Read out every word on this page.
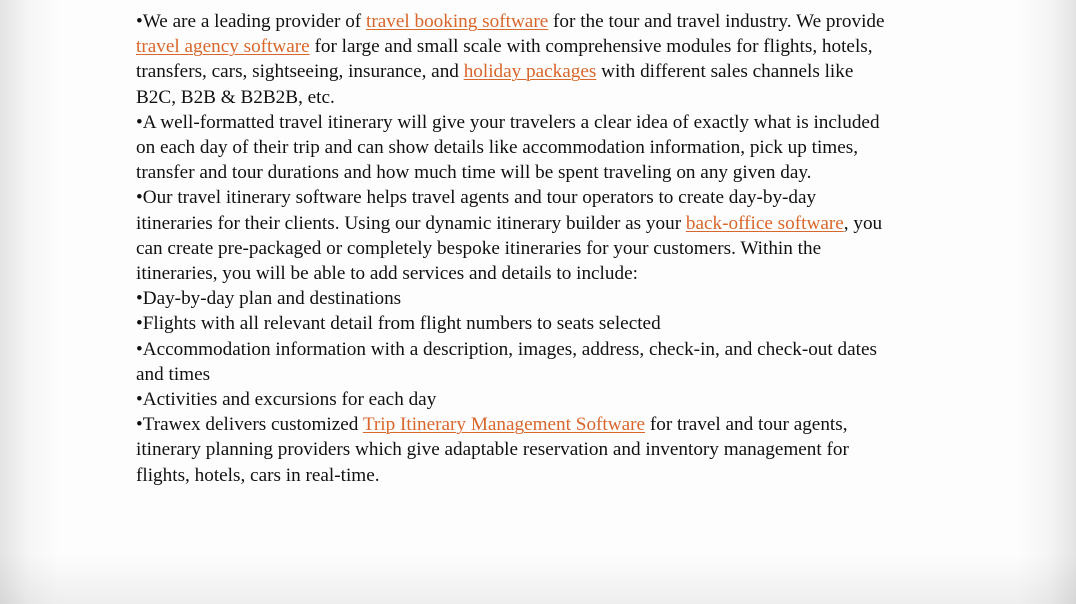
•We are a leading provider of travel booking software for the tour and travel industry. We provide travel agency software for large and small scale with comprehensive modules for flights, hotels, transfers, cars, sightseeing, insurance, and holiday packages with different sales channels like B2C, B2B & B2B2B, etc.

•A well-formatted travel itinerary will give your travelers a clear idea of exactly what is included on each day of their trip and can show details like accommodation information, pick up times, transfer and tour durations and how much time will be spent traveling on any given day.

•Our travel itinerary software helps travel agents and tour operators to create day-by-day itineraries for their clients. Using our dynamic itinerary builder as your back-office software, you can create pre-packaged or completely bespoke itineraries for your customers. Within the itineraries, you will be able to add services and details to include:

•Day-by-day plan and destinations

•Flights with all relevant detail from flight numbers to seats selected

•Accommodation information with a description, images, address, check-in, and check-out dates and times

•Activities and excursions for each day

•Trawex delivers customized Trip Itinerary Management Software for travel and tour agents, itinerary planning providers which give adaptable reservation and inventory management for flights, hotels, cars in real-time.
